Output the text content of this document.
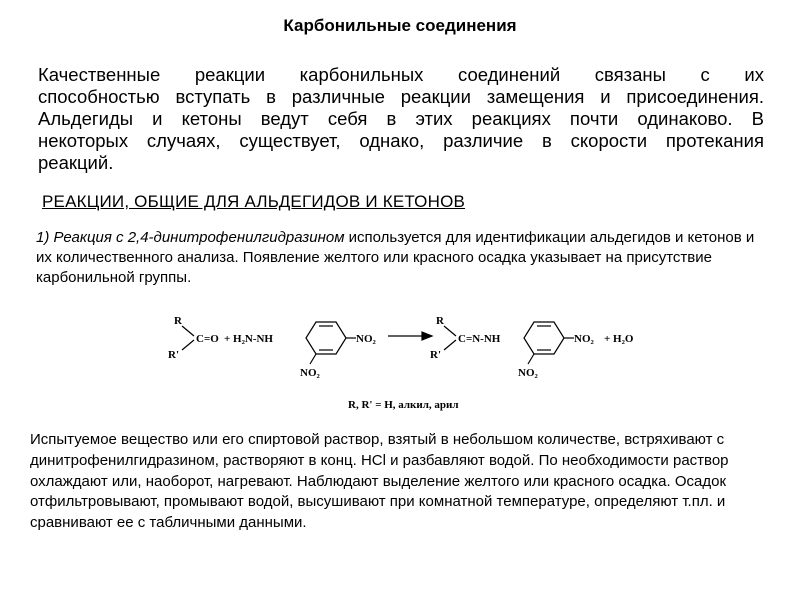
Карбонильные соединения
Качественные реакции карбонильных соединений связаны с их
способностью вступать в различные реакции замещения и присоединения.
Альдегиды и кетоны ведут себя в этих реакциях почти одинаково. В
некоторых случаях, существует, однако, различие в скорости протекания
реакций.
РЕАКЦИИ, ОБЩИЕ ДЛЯ АЛЬДЕГИДОВ И КЕТОНОВ
1) Реакция с 2,4-динитрофенилгидразином используется для идентификации альдегидов и кетонов и их количественного анализа. Появление желтого или красного осадка указывает на присутствие карбонильной группы.
R
R'
C=O + H₂N-NH	NO₂
NO₂
R
R'
C=N-NH	NO₂ + H₂O
NO₂
R, R' = H, алкил, арил
Испытуемое вещество или его спиртовой раствор, взятый в небольшом количестве, встряхивают с динитрофенилгидразином, растворяют в конц. HCl и разбавляют водой. По необходимости раствор охлаждают или, наоборот, нагревают. Наблюдают выделение желтого или красного осадка. Осадок отфильтровывают, промывают водой, высушивают при комнатной температуре, определяют т.пл. и сравнивают ее с табличными данными.
